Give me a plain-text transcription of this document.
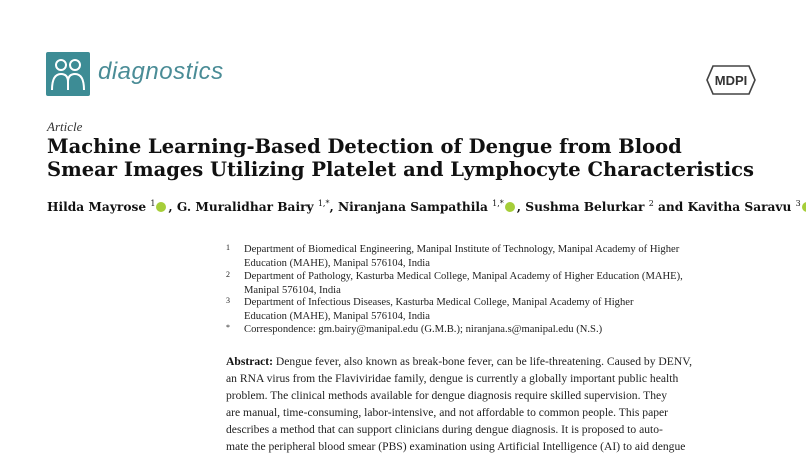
diagnostics	MDPI
Article
Machine Learning-Based Detection of Dengue from Blood
Smear Images Utilizing Platelet and Lymphocyte Characteristics
Hilda Mayrose $^1$ , G. Muralidhar Bairy $^{1,*}$, Niranjana Sampathila $^{1,*}$ , Sushma Belurkar $^2$ and Kavitha Saravu $^3$
1 Department of Biomedical Engineering, Manipal Institute of Technology, Manipal Academy of Higher
Education (MAHE), Manipal 576104, India
2 Department of Pathology, Kasturba Medical College, Manipal Academy of Higher Education (MAHE),
Manipal 576104, India
3 Department of Infectious Diseases, Kasturba Medical College, Manipal Academy of Higher
Education (MAHE), Manipal 576104, India
* Correspondence: gm.bairy@manipal.edu (G.M.B.); niranjana.s@manipal.edu (N.S.)
Abstract: Dengue fever, also known as break-bone fever, can be life-threatening. Caused by DENV,
an RNA virus from the Flaviviridae family, dengue is currently a globally important public health
problem. The clinical methods available for dengue diagnosis require skilled supervision. They
are manual, time-consuming, labor-intensive, and not affordable to common people. This paper
describes a method that can support clinicians during dengue diagnosis. It is proposed to auto-
mate the peripheral blood smear (PBS) examination using Artificial Intelligence (AI) to aid dengue
